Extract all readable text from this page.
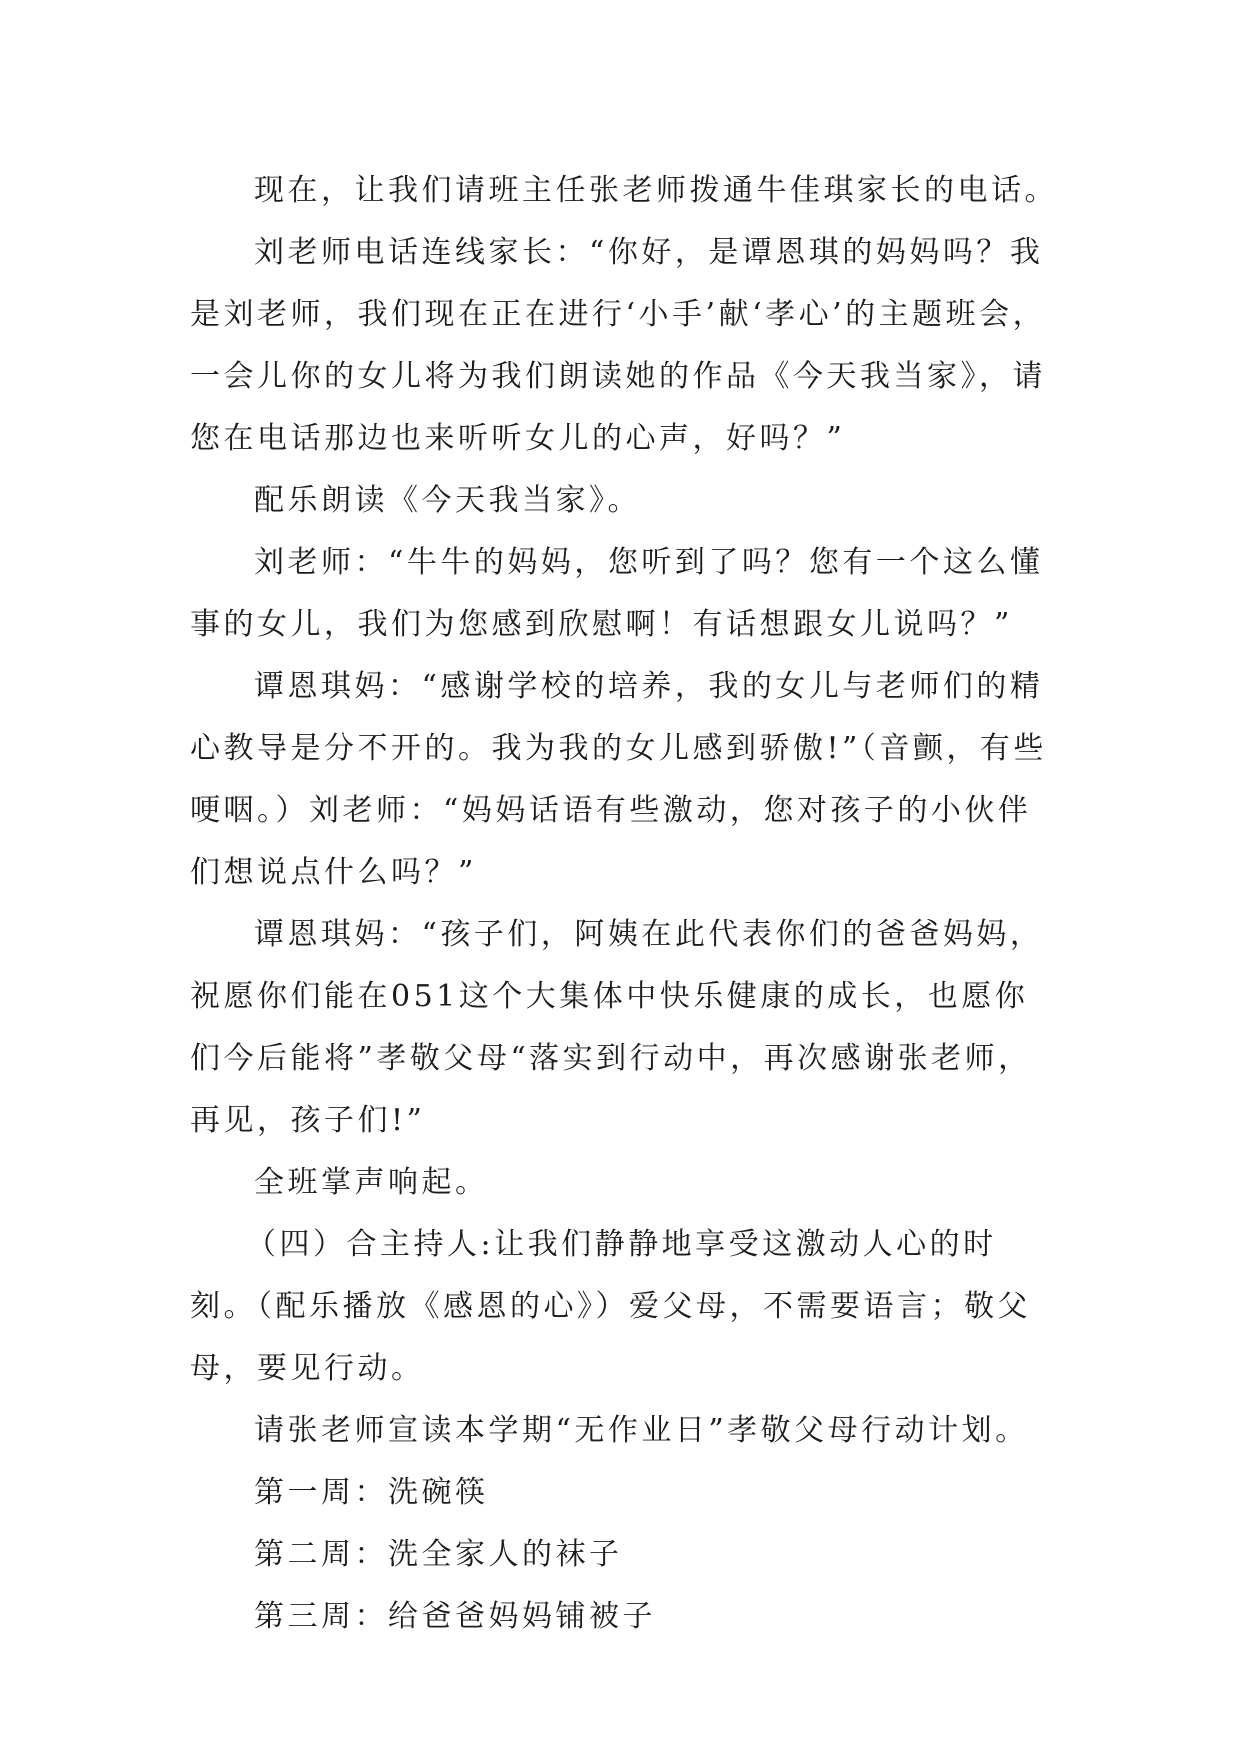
现在，让我们请班主任张老师拨通牛佳琪家长的电话。

刘老师电话连线家长：“你好，是谭恩琪的妈妈吗？我是刘老师，我们现在正在进行‘小手’献‘孝心’的主题班会，一会儿你的女儿将为我们朗读她的作品《今天我当家》，请您在电话那边也来听听女儿的心声，好吗？”

配乐朗读《今天我当家》。

刘老师：“牛牛的妈妈，您听到了吗？您有一个这么懂事的女儿，我们为您感到欣慰啊！有话想跟女儿说吗？”

谭恩琪妈：“感谢学校的培养，我的女儿与老师们的精心教导是分不开的。我为我的女儿感到骄傲!”（音颤，有些哽咽。）刘老师：“妈妈话语有些激动，您对孩子的小伙伴们想说点什么吗？”

谭恩琪妈：“孩子们，阿姨在此代表你们的爸爸妈妈，祝愿你们能在051这个大集体中快乐健康的成长，也愿你们今后能将”孝敬父母“落实到行动中，再次感谢张老师，再见，孩子们!”

全班掌声响起。

（四）合主持人:让我们静静地享受这激动人心的时刻。（配乐播放《感恩的心》）爱父母，不需要语言；敬父母，要见行动。

请张老师宣读本学期“无作业日”孝敬父母行动计划。

第一周：洗碗筷

第二周：洗全家人的袜子

第三周：给爸爸妈妈铺被子
